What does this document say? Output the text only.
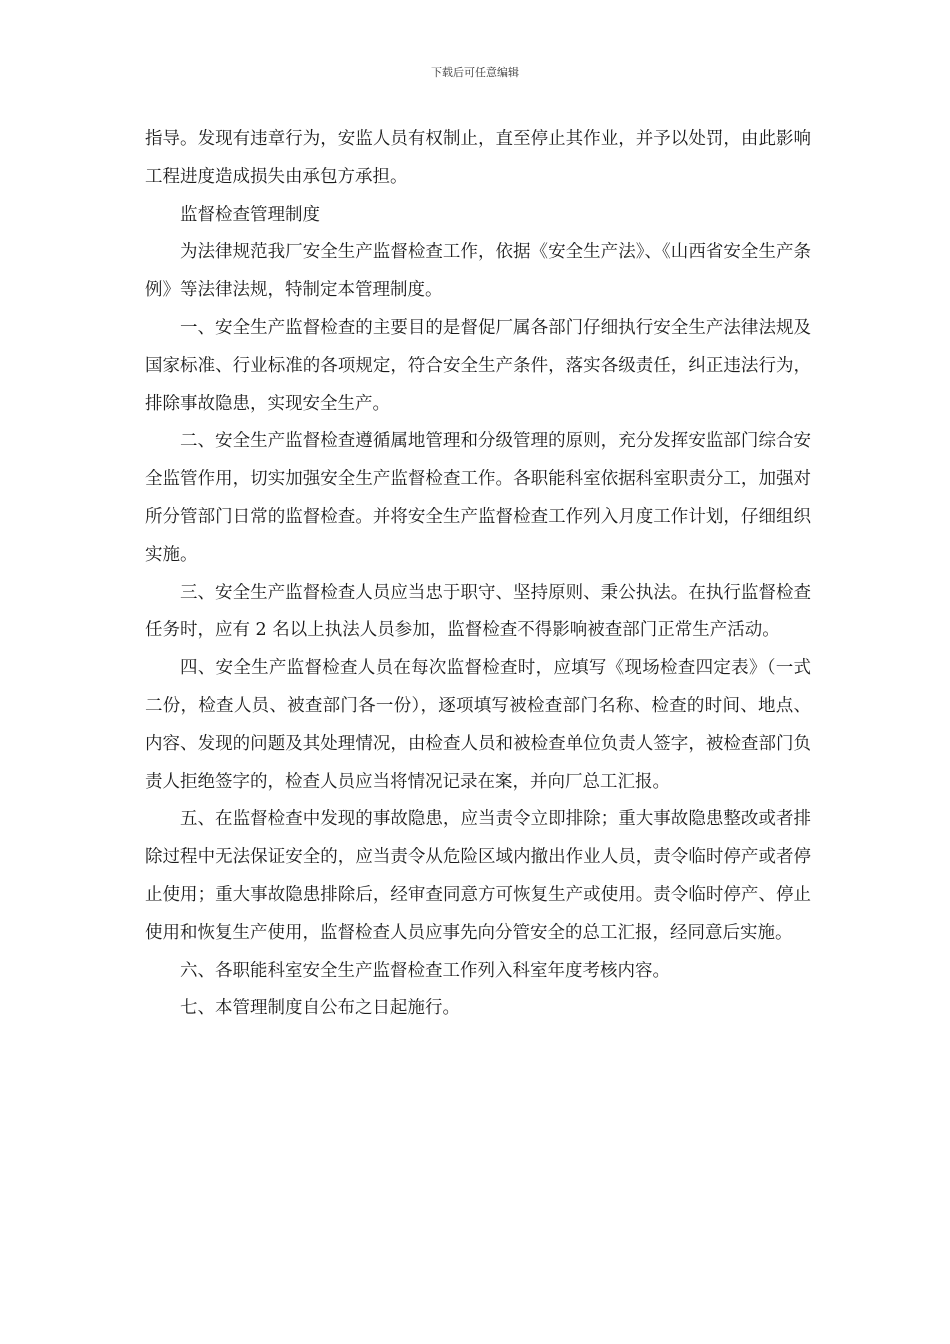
下载后可任意编辑

指导。发现有违章行为，安监人员有权制止，直至停止其作业，并予以处罚，由此影响工程进度造成损失由承包方承担。

监督检查管理制度

为法律规范我厂安全生产监督检查工作，依据《安全生产法》、《山西省安全生产条例》等法律法规，特制定本管理制度。

一、安全生产监督检查的主要目的是督促厂属各部门仔细执行安全生产法律法规及国家标准、行业标准的各项规定，符合安全生产条件，落实各级责任，纠正违法行为，排除事故隐患，实现安全生产。

二、安全生产监督检查遵循属地管理和分级管理的原则，充分发挥安监部门综合安全监管作用，切实加强安全生产监督检查工作。各职能科室依据科室职责分工，加强对所分管部门日常的监督检查。并将安全生产监督检查工作列入月度工作计划，仔细组织实施。

三、安全生产监督检查人员应当忠于职守、坚持原则、秉公执法。在执行监督检查任务时，应有 2 名以上执法人员参加，监督检查不得影响被查部门正常生产活动。

四、安全生产监督检查人员在每次监督检查时，应填写《现场检查四定表》（一式二份，检查人员、被查部门各一份），逐项填写被检查部门名称、检查的时间、地点、内容、发现的问题及其处理情况，由检查人员和被检查单位负责人签字，被检查部门负责人拒绝签字的，检查人员应当将情况记录在案，并向厂总工汇报。

五、在监督检查中发现的事故隐患，应当责令立即排除；重大事故隐患整改或者排除过程中无法保证安全的，应当责令从危险区域内撤出作业人员，责令临时停产或者停止使用；重大事故隐患排除后，经审查同意方可恢复生产或使用。责令临时停产、停止使用和恢复生产使用，监督检查人员应事先向分管安全的总工汇报，经同意后实施。

六、各职能科室安全生产监督检查工作列入科室年度考核内容。

七、本管理制度自公布之日起施行。
